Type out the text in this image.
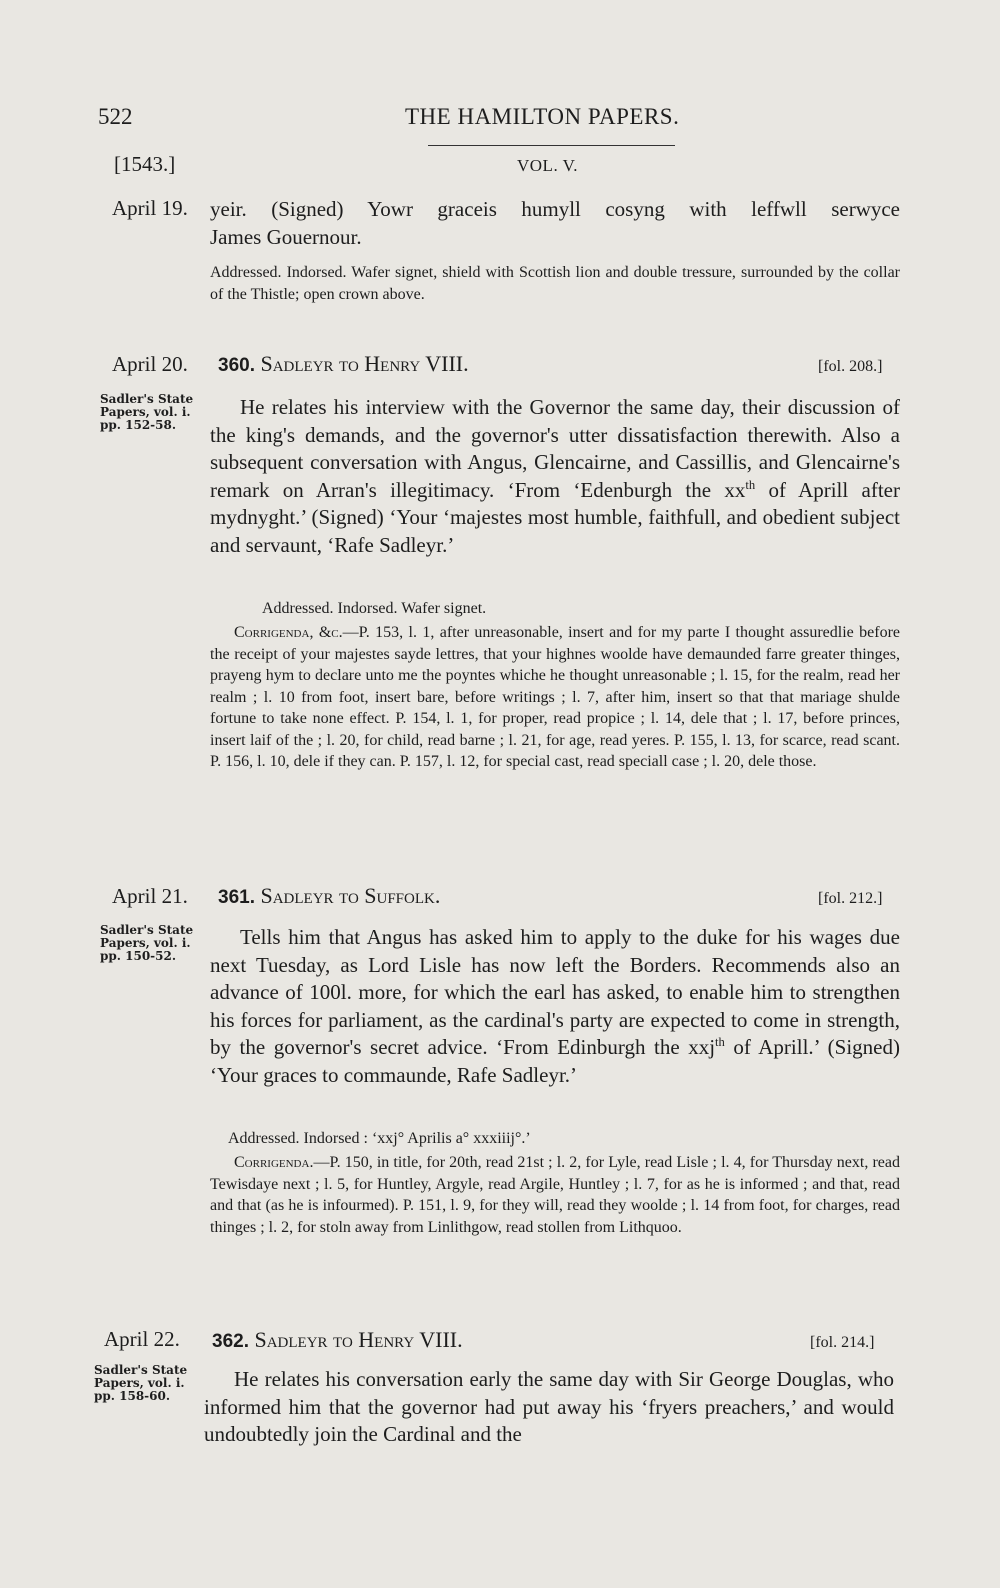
522	THE HAMILTON PAPERS.
[1543.]	VOL. V.
April 19. yeir. (Signed) Yowr graceis humyll cosyng with leffwll serwyce
James Gouernour.
Addressed. Indorsed. Wafer signet, shield with Scottish lion and double tressure, surrounded by the collar of the Thistle; open crown above.
April 20. 360. Sadleyr to Henry VIII.	[fol. 208.]
Sadler's State Papers, vol. i. pp. 152-58.
He relates his interview with the Governor the same day, their discussion of the king's demands, and the governor's utter dissatisfaction therewith. Also a subsequent conversation with Angus, Glencairne, and Cassillis, and Glencairne's remark on Arran's illegitimacy. ‘From ‘Edenburgh the $xx^{th}$ of Aprill after mydnyght.’ (Signed) ‘Your ‘majestes most humble, faithfull, and obedient subject and servaunt, ‘Rafe Sadleyr.’
Addressed. Indorsed. Wafer signet.
Corrigenda, &c.—P. 153, l. 1, after unreasonable, insert and for my parte I thought assuredlie before the receipt of your majestes sayde lettres, that your highnes woolde have demaunded farre greater thinges, prayeng hym to declare unto me the poyntes whiche he thought unreasonable ; l. 15, for the realm, read her realm ; l. 10 from foot, insert bare, before writings ; l. 7, after him, insert so that that mariage shulde fortune to take none effect. P. 154, l. 1, for proper, read propice ; l. 14, dele that ; l. 17, before princes, insert laif of the ; l. 20, for child, read barne ; l. 21, for age, read yeres. P. 155, l. 13, for scarce, read scant. P. 156, l. 10, dele if they can. P. 157, l. 12, for special cast, read speciall case ; l. 20, dele those.
April 21. 361. Sadleyr to Suffolk.	[fol. 212.]
Sadler's State Papers, vol. i. pp. 150-52.
Tells him that Angus has asked him to apply to the duke for his wages due next Tuesday, as Lord Lisle has now left the Borders. Recommends also an advance of 100l. more, for which the earl has asked, to enable him to strengthen his forces for parliament, as the cardinal's party are expected to come in strength, by the governor's secret advice. ‘From Edinburgh the xxj$^{th}$ of Aprill.’ (Signed) ‘Your graces to commaunde, Rafe Sadleyr.’
Addressed. Indorsed : ‘xxj° Aprilis a° xxxiiij°.’
Corrigenda.—P. 150, in title, for 20th, read 21st ; l. 2, for Lyle, read Lisle ; l. 4, for Thursday next, read Tewisdaye next ; l. 5, for Huntley, Argyle, read Argile, Huntley ; l. 7, for as he is informed ; and that, read and that (as he is infourmed). P. 151, l. 9, for they will, read they woolde ; l. 14 from foot, for charges, read thinges ; l. 2, for stoln away from Linlithgow, read stollen from Lithquoo.
April 22. 362. Sadleyr to Henry VIII.	[fol. 214.]
Sadler's State Papers, vol. i. pp. 158-60.
He relates his conversation early the same day with Sir George Douglas, who informed him that the governor had put away his ‘fryers preachers,’ and would undoubtedly join the Cardinal and the
